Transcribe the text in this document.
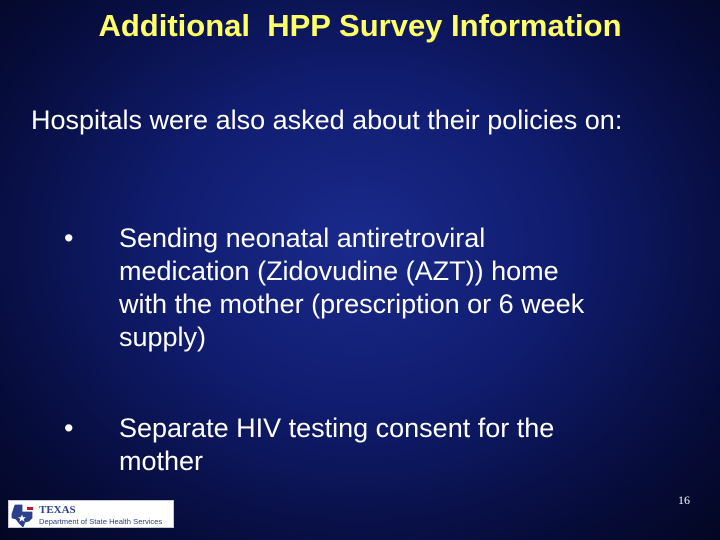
Additional  HPP Survey Information
Hospitals were also asked about their policies on:
• Sending neonatal antiretroviral
medication (Zidovudine (AZT)) home
with the mother (prescription or 6 week
supply)
• Separate HIV testing consent for the
mother
16
TEXAS
Department of State Health Services
